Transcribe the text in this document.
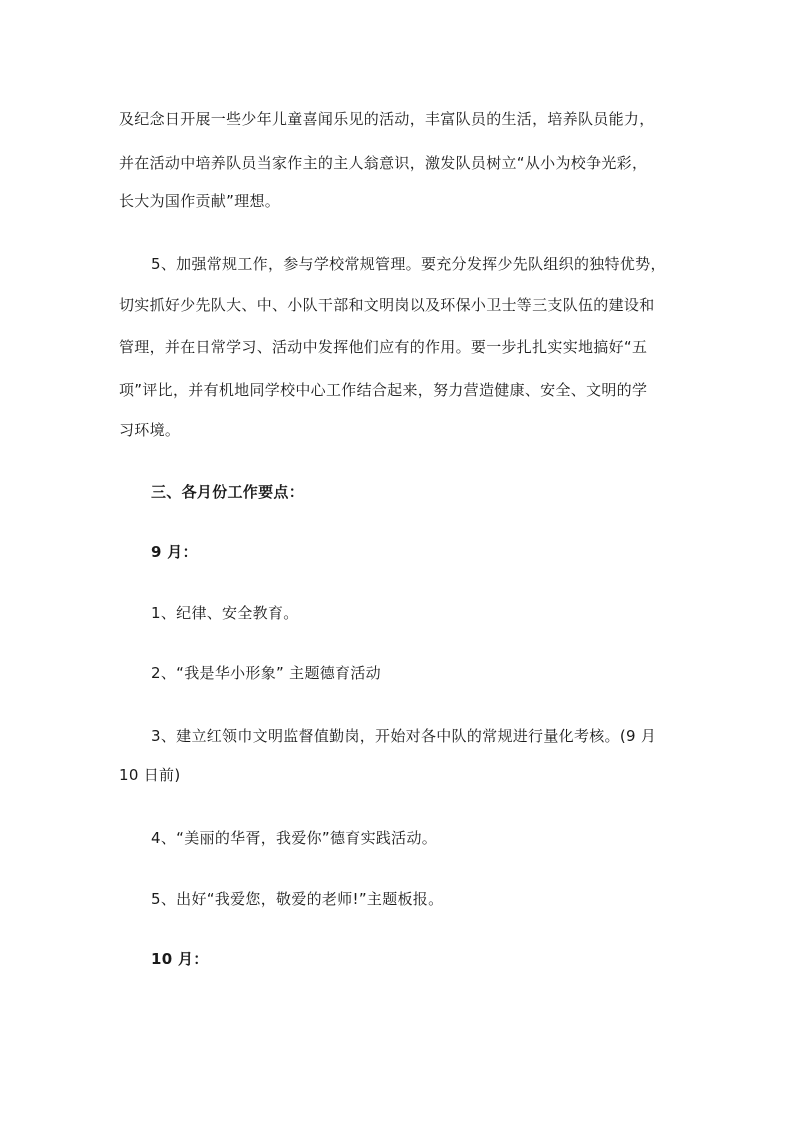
及纪念日开展一些少年儿童喜闻乐见的活动，丰富队员的生活，培养队员能力，
并在活动中培养队员当家作主的主人翁意识，激发队员树立“从小为校争光彩，
长大为国作贡献”理想。
5、加强常规工作，参与学校常规管理。要充分发挥少先队组织的独特优势，
切实抓好少先队大、中、小队干部和文明岗以及环保小卫士等三支队伍的建设和
管理，并在日常学习、活动中发挥他们应有的作用。要一步扎扎实实地搞好“五
项”评比，并有机地同学校中心工作结合起来，努力营造健康、安全、文明的学
习环境。
三、各月份工作要点：
9 月：
1、纪律、安全教育。
2、“我是华小形象” 主题德育活动
3、建立红领巾文明监督值勤岗，开始对各中队的常规进行量化考核。(9 月
10 日前)
4、“美丽的华胥，我爱你”德育实践活动。
5、出好“我爱您，敬爱的老师!”主题板报。
10 月：
